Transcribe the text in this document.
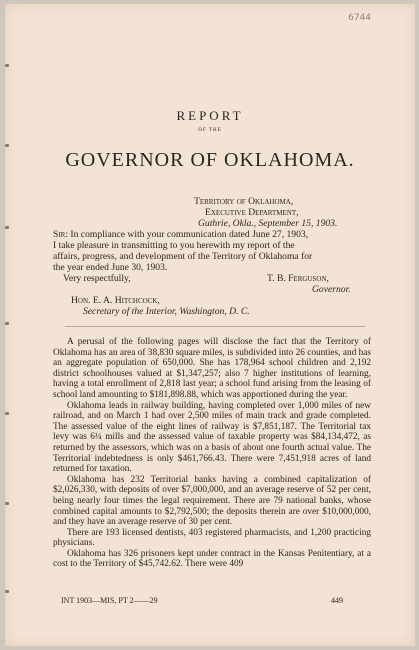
6744
REPORT
OF THE
GOVERNOR OF OKLAHOMA.
Territory of Oklahoma,
Executive Department,
Guthrie, Okla., September 15, 1903.
Sir: In compliance with your communication dated June 27, 1903,
I take pleasure in transmitting to you herewith my report of the
affairs, progress, and development of the Territory of Oklahoma for
the year ended June 30, 1903.
Very respectfully,	T. B. Ferguson,
Governor.
Hon. E. A. Hitchcock,
Secretary of the Interior, Washington, D. C.

A perusal of the following pages will disclose the fact that the Territory of Oklahoma has an area of 38,830 square miles, is subdivided into 26 counties, and has an aggregate population of 650,000. She has 178,964 school children and 2,192 district schoolhouses valued at $1,347,257; also 7 higher institutions of learning, having a total enrollment of 2,818 last year; a school fund arising from the leasing of school land amounting to $181,898.88, which was apportioned during the year.

Oklahoma leads in railway building, having completed over 1,000 miles of new railroad, and on March 1 had over 2,500 miles of main track and grade completed. The assessed value of the eight lines of railway is $7,851,187. The Territorial tax levy was 6¼ mills and the assessed value of taxable property was $84,134,472, as returned by the assessors, which was on a basis of about one fourth actual value. The Territorial indebtedness is only $461,766.43. There were 7,451,918 acres of land returned for taxation.

Oklahoma has 232 Territorial banks having a combined capitalization of $2,026,330, with deposits of over $7,000,000, and an average reserve of 52 per cent, being nearly four times the legal requirement. There are 79 national banks, whose combined capital amounts to $2,792,500; the deposits therein are over $10,000,000, and they have an average reserve of 30 per cent.

There are 193 licensed dentists, 403 registered pharmacists, and 1,200 practicing physicians.

Oklahoma has 326 prisoners kept under contract in the Kansas Penitentiary, at a cost to the Territory of $45,742.62. There were 409

INT 1903—MIS, PT 2——29	449
